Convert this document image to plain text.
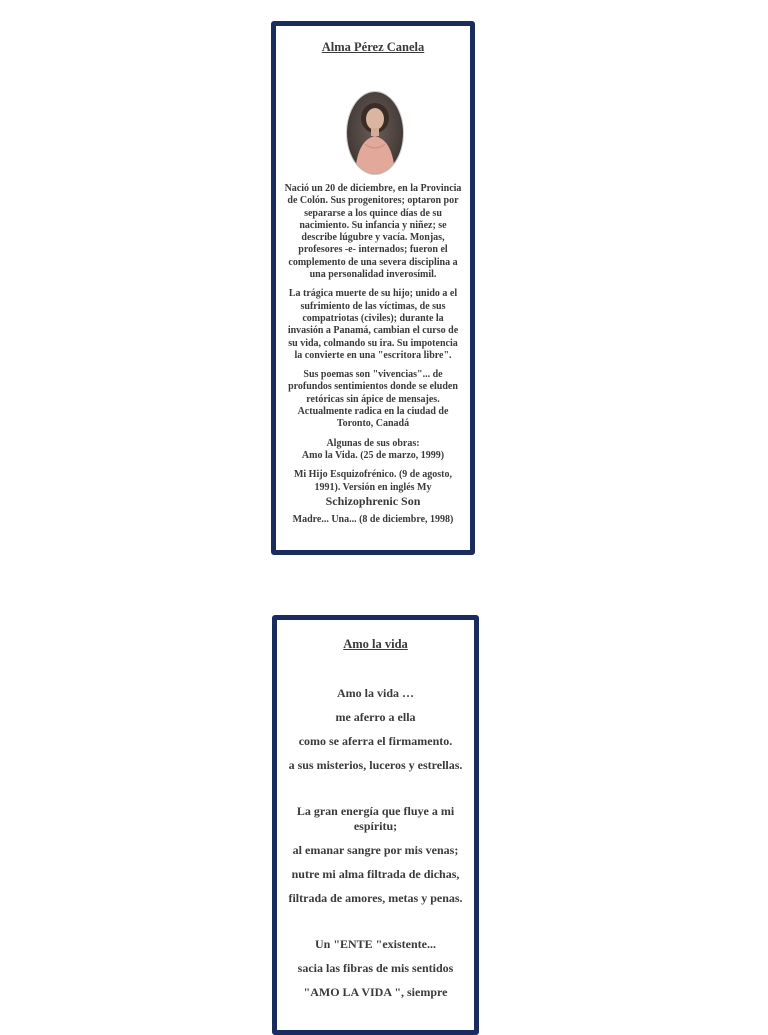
Alma Pérez Canela

Nació un 20 de diciembre, en la Provincia de Colón. Sus progenitores; optaron por separarse a los quince días de su nacimiento. Su infancia y niñez; se describe lúgubre y vacía. Monjas, profesores -e- internados; fueron el complemento de una severa disciplina a una personalidad inverosímil.

La trágica muerte de su hijo; unido a el sufrimiento de las víctimas, de sus compatriotas (civiles); durante la invasión a Panamá, cambian el curso de su vida, colmando su ira. Su impotencia la convierte en una "escritora libre".

Sus poemas son "vivencias"... de profundos sentimientos donde se eluden retóricas sin ápice de mensajes. Actualmente radica en la ciudad de Toronto, Canadá

Algunas de sus obras:

Amo la Vida. (25 de marzo, 1999)

Mi Hijo Esquizofrénico. (9 de agosto, 1991). Versión en inglés My

Schizophrenic Son

Madre... Una... (8 de diciembre, 1998)

Amo la vida

Amo la vida …

me aferro a ella

como se aferra el firmamento.

a sus misterios, luceros y estrellas.

La gran energía que fluye a mi espíritu;

al emanar sangre por mis venas;

nutre mi alma filtrada de dichas,

filtrada de amores, metas y penas.

Un "ENTE "existente...

sacia las fibras de mis sentidos

"AMO LA VIDA ", siempre
